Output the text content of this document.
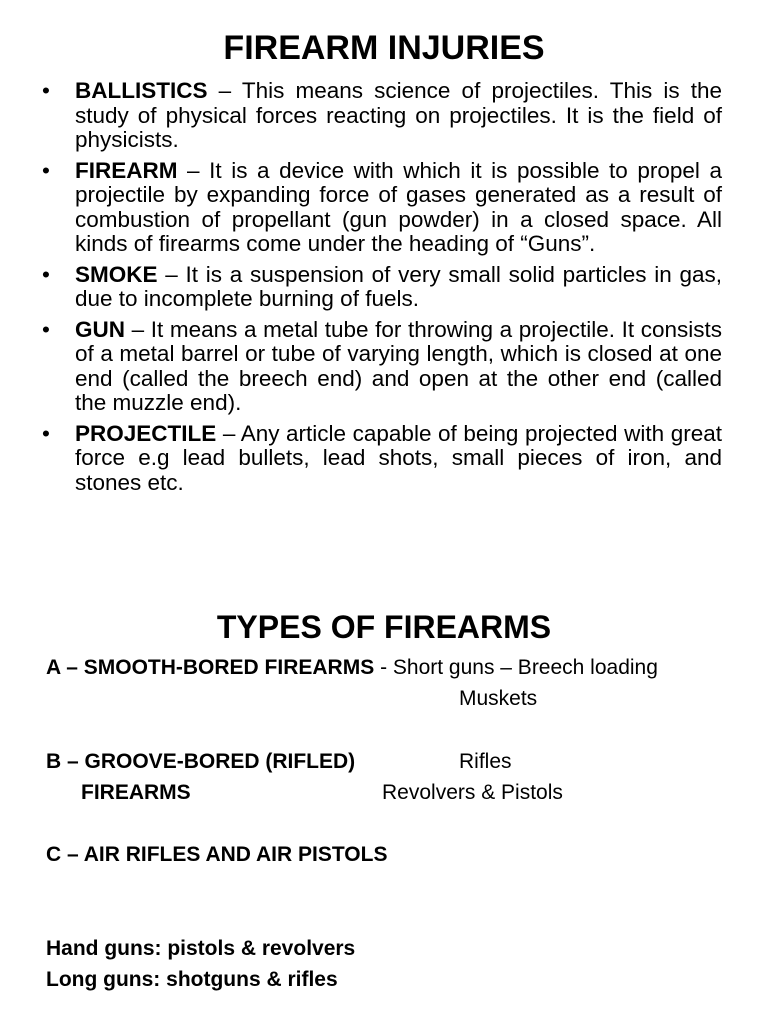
FIREARM INJURIES
• BALLISTICS – This means science of projectiles. This is the study of physical forces reacting on projectiles. It is the field of physicists.
• FIREARM – It is a device with which it is possible to propel a projectile by expanding force of gases generated as a result of combustion of propellant (gun powder) in a closed space. All kinds of firearms come under the heading of “Guns”.
• SMOKE – It is a suspension of very small solid particles in gas, due to incomplete burning of fuels.
• GUN – It means a metal tube for throwing a projectile. It consists of a metal barrel or tube of varying length, which is closed at one end (called the breech end) and open at the other end (called the muzzle end).
• PROJECTILE – Any article capable of being projected with great force e.g lead bullets, lead shots, small pieces of iron, and stones etc.
TYPES OF FIREARMS
A – SMOOTH-BORED FIREARMS - Short guns – Breech loading
Muskets
B – GROOVE-BORED (RIFLED)	Rifles
FIREARMS	Revolvers & Pistols
C – AIR RIFLES AND AIR PISTOLS
Hand guns: pistols & revolvers
Long guns: shotguns & rifles
